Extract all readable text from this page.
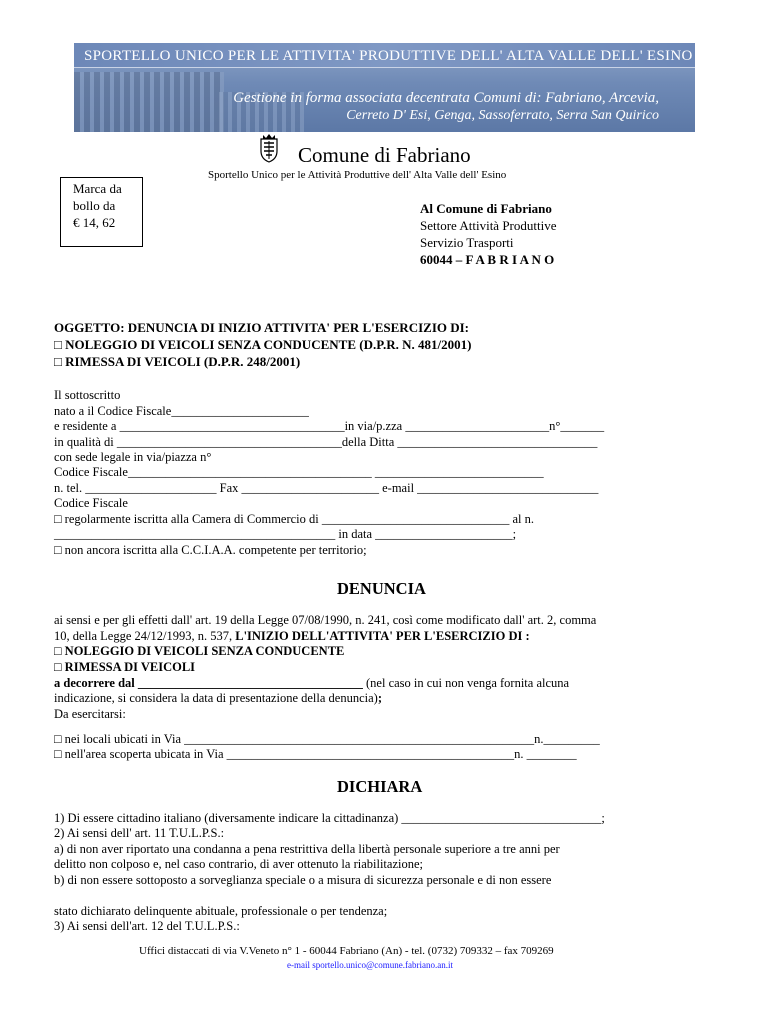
SPORTELLO UNICO PER LE ATTIVITA' PRODUTTIVE DELL' ALTA VALLE DELL' ESINO
Gestione in forma associata decentrata Comuni di: Fabriano, Arcevia,
Cerreto D' Esi, Genga, Sassoferrato, Serra San Quirico
Comune di Fabriano
Sportello Unico per le Attività Produttive dell' Alta Valle dell' Esino
Marca da
bollo da
€ 14, 62
Al Comune di Fabriano
Settore Attività Produttive
Servizio Trasporti
60044 – F A B R I A N O
OGGETTO: DENUNCIA DI INIZIO ATTIVITA' PER L'ESERCIZIO DI:
□ NOLEGGIO DI VEICOLI SENZA CONDUCENTE (D.P.R. N. 481/2001)
□ RIMESSA DI VEICOLI (D.P.R. 248/2001)
Il sottoscritto
nato a il Codice Fiscale______________________
e residente a ____________________________________in via/p.zza _______________________n°_______
in qualità di ____________________________________della Ditta ________________________________
con sede legale in via/piazza n°
Codice Fiscale_______________________________________ ___________________________
n. tel. _____________________ Fax ______________________ e-mail _____________________________
Codice Fiscale
□ regolarmente iscritta alla Camera di Commercio di ______________________________ al n.
_____________________________________________ in data ______________________;
□ non ancora iscritta alla C.C.I.A.A. competente per territorio;
DENUNCIA
ai sensi e per gli effetti dall' art. 19 della Legge 07/08/1990, n. 241, così come modificato dall' art. 2, comma
10, della Legge 24/12/1993, n. 537, L'INIZIO DELL'ATTIVITA' PER L'ESERCIZIO DI :
□ NOLEGGIO DI VEICOLI SENZA CONDUCENTE
□ RIMESSA DI VEICOLI
a decorrere dal ____________________________________ (nel caso in cui non venga fornita alcuna
indicazione, si considera la data di presentazione della denuncia);
Da esercitarsi:
□ nei locali ubicati in Via ________________________________________________________n._________
□ nell'area scoperta ubicata in Via ______________________________________________n. ________
DICHIARA
1) Di essere cittadino italiano (diversamente indicare la cittadinanza) ________________________________;
2) Ai sensi dell' art. 11 T.U.L.P.S.:
a) di non aver riportato una condanna a pena restrittiva della libertà personale superiore a tre anni per
delitto non colposo e, nel caso contrario, di aver ottenuto la riabilitazione;
b) di non essere sottoposto a sorveglianza speciale o a misura di sicurezza personale e di non essere
stato dichiarato delinquente abituale, professionale o per tendenza;
3) Ai sensi dell'art. 12 del T.U.L.P.S.:
Uffici distaccati di via V.Veneto n° 1 - 60044 Fabriano (An) - tel. (0732) 709332 – fax 709269
e-mail sportello.unico@comune.fabriano.an.it
